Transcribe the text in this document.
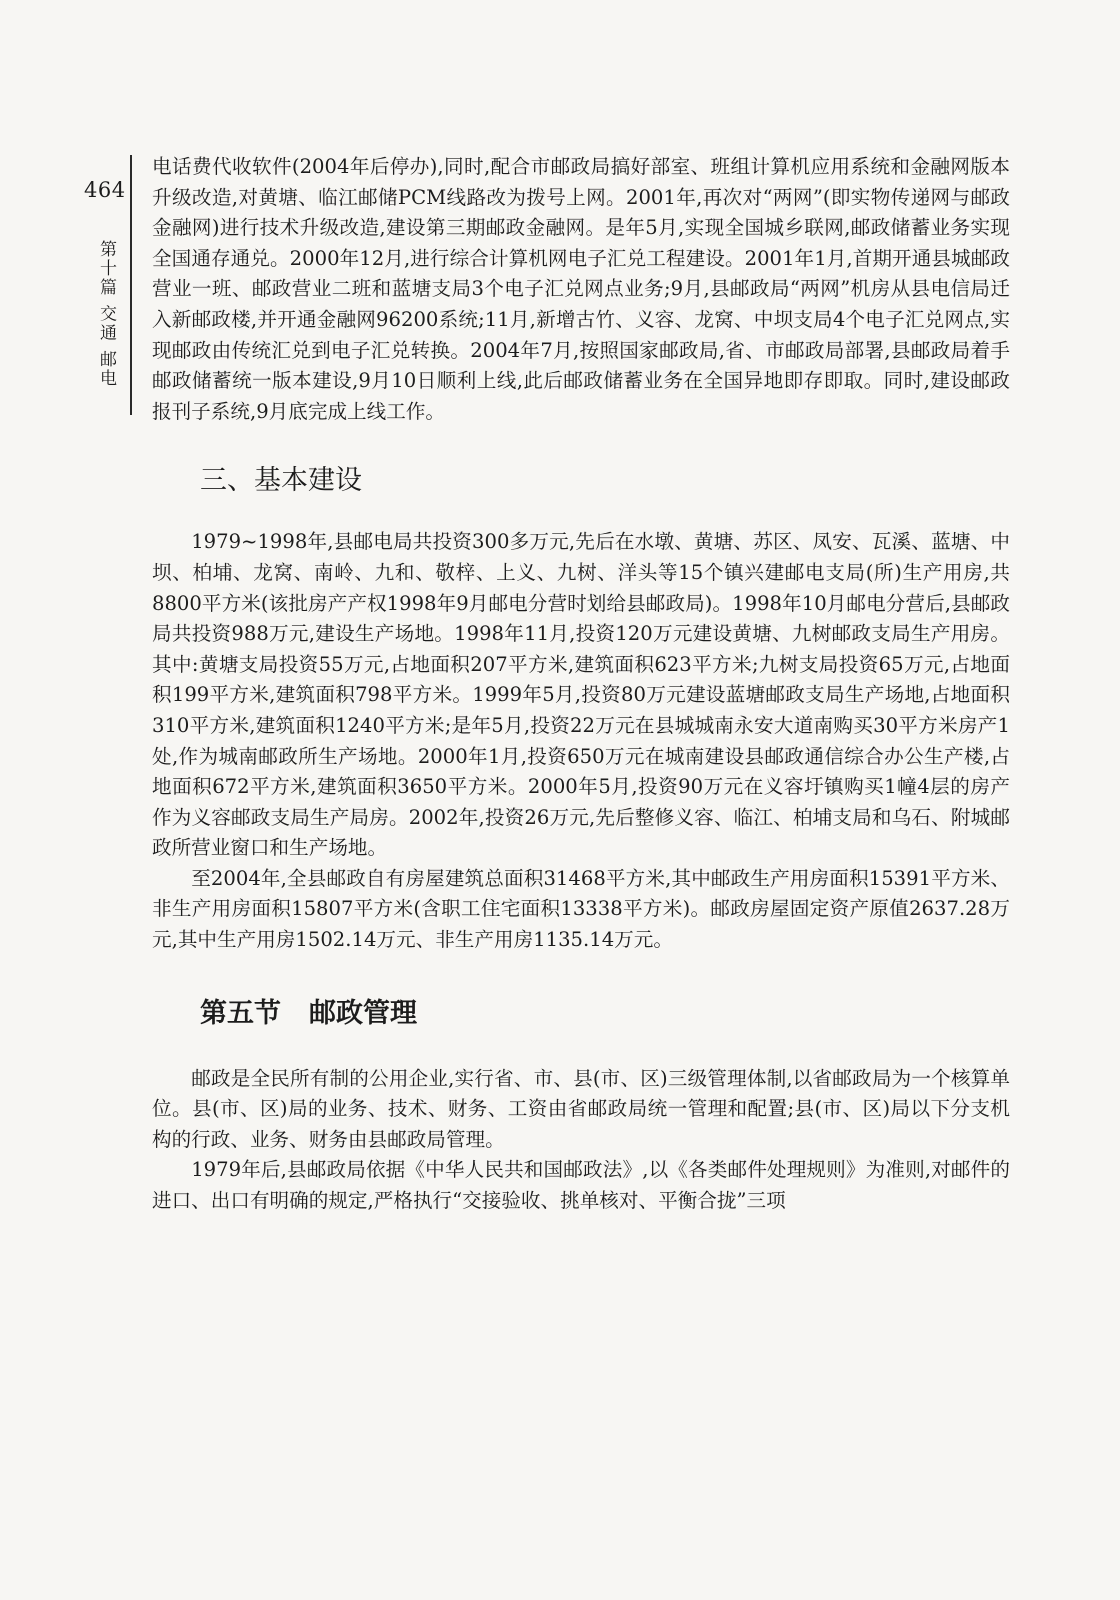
464
第十篇 交通 邮电

电话费代收软件(2004年后停办),同时,配合市邮政局搞好部室、班组计算机应用系统和金融网版本升级改造,对黄塘、临江邮储PCM线路改为拨号上网。2001年,再次对“两网”(即实物传递网与邮政金融网)进行技术升级改造,建设第三期邮政金融网。是年5月,实现全国城乡联网,邮政储蓄业务实现全国通存通兑。2000年12月,进行综合计算机网电子汇兑工程建设。2001年1月,首期开通县城邮政营业一班、邮政营业二班和蓝塘支局3个电子汇兑网点业务;9月,县邮政局“两网”机房从县电信局迁入新邮政楼,并开通金融网96200系统;11月,新增古竹、义容、龙窝、中坝支局4个电子汇兑网点,实现邮政由传统汇兑到电子汇兑转换。2004年7月,按照国家邮政局,省、市邮政局部署,县邮政局着手邮政储蓄统一版本建设,9月10日顺利上线,此后邮政储蓄业务在全国异地即存即取。同时,建设邮政报刊子系统,9月底完成上线工作。

三、基本建设

1979~1998年,县邮电局共投资300多万元,先后在水墩、黄塘、苏区、凤安、瓦溪、蓝塘、中坝、柏埔、龙窝、南岭、九和、敬梓、上义、九树、洋头等15个镇兴建邮电支局(所)生产用房,共8800平方米(该批房产产权1998年9月邮电分营时划给县邮政局)。1998年10月邮电分营后,县邮政局共投资988万元,建设生产场地。1998年11月,投资120万元建设黄塘、九树邮政支局生产用房。其中:黄塘支局投资55万元,占地面积207平方米,建筑面积623平方米;九树支局投资65万元,占地面积199平方米,建筑面积798平方米。1999年5月,投资80万元建设蓝塘邮政支局生产场地,占地面积310平方米,建筑面积1240平方米;是年5月,投资22万元在县城城南永安大道南购买30平方米房产1处,作为城南邮政所生产场地。2000年1月,投资650万元在城南建设县邮政通信综合办公生产楼,占地面积672平方米,建筑面积3650平方米。2000年5月,投资90万元在义容圩镇购买1幢4层的房产作为义容邮政支局生产局房。2002年,投资26万元,先后整修义容、临江、柏埔支局和乌石、附城邮政所营业窗口和生产场地。

至2004年,全县邮政自有房屋建筑总面积31468平方米,其中邮政生产用房面积15391平方米、非生产用房面积15807平方米(含职工住宅面积13338平方米)。邮政房屋固定资产原值2637.28万元,其中生产用房1502.14万元、非生产用房1135.14万元。

第五节 邮政管理

邮政是全民所有制的公用企业,实行省、市、县(市、区)三级管理体制,以省邮政局为一个核算单位。县(市、区)局的业务、技术、财务、工资由省邮政局统一管理和配置;县(市、区)局以下分支机构的行政、业务、财务由县邮政局管理。

1979年后,县邮政局依据《中华人民共和国邮政法》,以《各类邮件处理规则》为准则,对邮件的进口、出口有明确的规定,严格执行“交接验收、挑单核对、平衡合拢”三项
